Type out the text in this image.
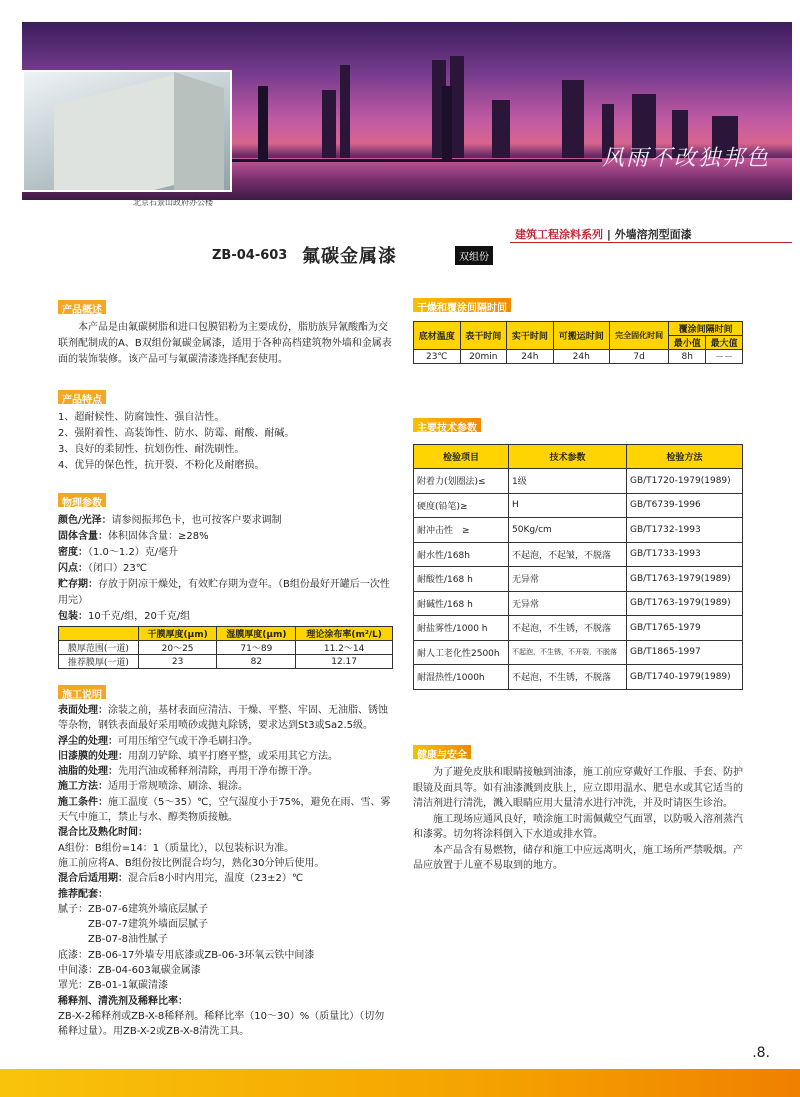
风雨不改独邦色
北京石景山政府办公楼
建筑工程涂料系列 | 外墙溶剂型面漆
ZB-04-603 氟碳金属漆	双组份
产品概述
本产品是由氟碳树脂和进口包膜铝粉为主要成份，脂肪族异氰酸酯为交联剂配制成的A、B双组份氟碳金属漆，适用于各种高档建筑物外墙和金属表面的装饰装修。该产品可与氟碳清漆选择配套使用。
产品特点

1、超耐候性、防腐蚀性、强自洁性。

2、强附着性、高装饰性、防水、防霉、耐酸、耐碱。

3、良好的柔韧性、抗划伤性、耐洗刷性。

4、优异的保色性，抗开裂、不粉化及耐磨损。

物理参数

颜色/光泽：请参阅振邦色卡，也可按客户要求调制

固体含量：体积固体含量：≥28%

密度：（1.0～1.2）克/毫升

闪点：（闭口）23℃

贮存期：存放于阴凉干燥处，有效贮存期为壹年。（B组份最好开罐后一次性用完）

包装：10千克/组，20千克/组

	干膜厚度(μm)	湿膜厚度(μm)	理论涂布率(m²/L)
膜厚范围(一道)	20～25	71～89	11.2～14
推荐膜厚(一道)	23	82	12.17
施工说明

表面处理：涂装之前，基材表面应清洁、干燥、平整、牢固、无油脂、锈蚀等杂物，钢铁表面最好采用喷砂或抛丸除锈，要求达到St3或Sa2.5级。

浮尘的处理：可用压缩空气或干净毛刷扫净。

旧漆膜的处理：用刮刀铲除、填平打磨平整，或采用其它方法。

油脂的处理：先用汽油或稀释剂清除，再用干净布擦干净。

施工方法：适用于常规喷涂、刷涂、辊涂。

施工条件：施工温度（5～35）℃，空气湿度小于75%，避免在雨、雪、雾天气中施工，禁止与水、醇类物质接触。

混合比及熟化时间：

A组份：B组份=14：1（质量比），以包装标识为准。

施工前应将A、B组份按比例混合均匀，熟化30分钟后使用。

混合后适用期：混合后8小时内用完，温度（23±2）℃

推荐配套：

腻子：ZB-07-6建筑外墙底层腻子

　　　ZB-07-7建筑外墙面层腻子

　　　ZB-07-8油性腻子

底漆：ZB-06-17外墙专用底漆或ZB-06-3环氧云铁中间漆

中间漆：ZB-04-603氟碳金属漆

罩光：ZB-01-1氟碳清漆

稀释剂、清洗剂及稀释比率：

ZB-X-2稀释剂或ZB-X-8稀释剂。稀释比率（10～30）%（质量比）（切勿稀释过量）。用ZB-X-2或ZB-X-8清洗工具。

干燥和覆涂间隔时间
底材温度	表干时间	实干时间	可搬运时间	完全固化时间	覆涂间隔时间	
					最小值	最大值
23℃	20min	24h	24h	7d	8h	－－
主要技术参数
检验项目	技术参数	检验方法
附着力(划圈法)≤	1级	GB/T1720-1979(1989)
硬度(铅笔)≥	H	GB/T6739-1996
耐冲击性　≥	50Kg/cm	GB/T1732-1993
耐水性/168h	不起泡，不起皱，不脱落	GB/T1733-1993
耐酸性/168 h	无异常	GB/T1763-1979(1989)
耐碱性/168 h	无异常	GB/T1763-1979(1989)
耐盐雾性/1000 h	不起泡，不生锈，不脱落	GB/T1765-1979
耐人工老化性2500h	不起泡，不生锈，不开裂，不脱落	GB/T1865-1997
耐湿热性/1000h	不起泡，不生锈，不脱落	GB/T1740-1979(1989)
健康与安全

为了避免皮肤和眼睛接触到油漆，施工前应穿戴好工作服、手套、防护眼镜及面具等。如有油漆溅到皮肤上，应立即用温水、肥皂水或其它适当的清洁剂进行清洗，溅入眼睛应用大量清水进行冲洗，并及时请医生诊治。

施工现场应通风良好，喷涂施工时需佩戴空气面罩，以防吸入溶剂蒸汽和漆雾。切勿将涂料倒入下水道或排水管。

本产品含有易燃物，储存和施工中应远离明火，施工场所严禁吸烟。产品应放置于儿童不易取到的地方。

.8.
